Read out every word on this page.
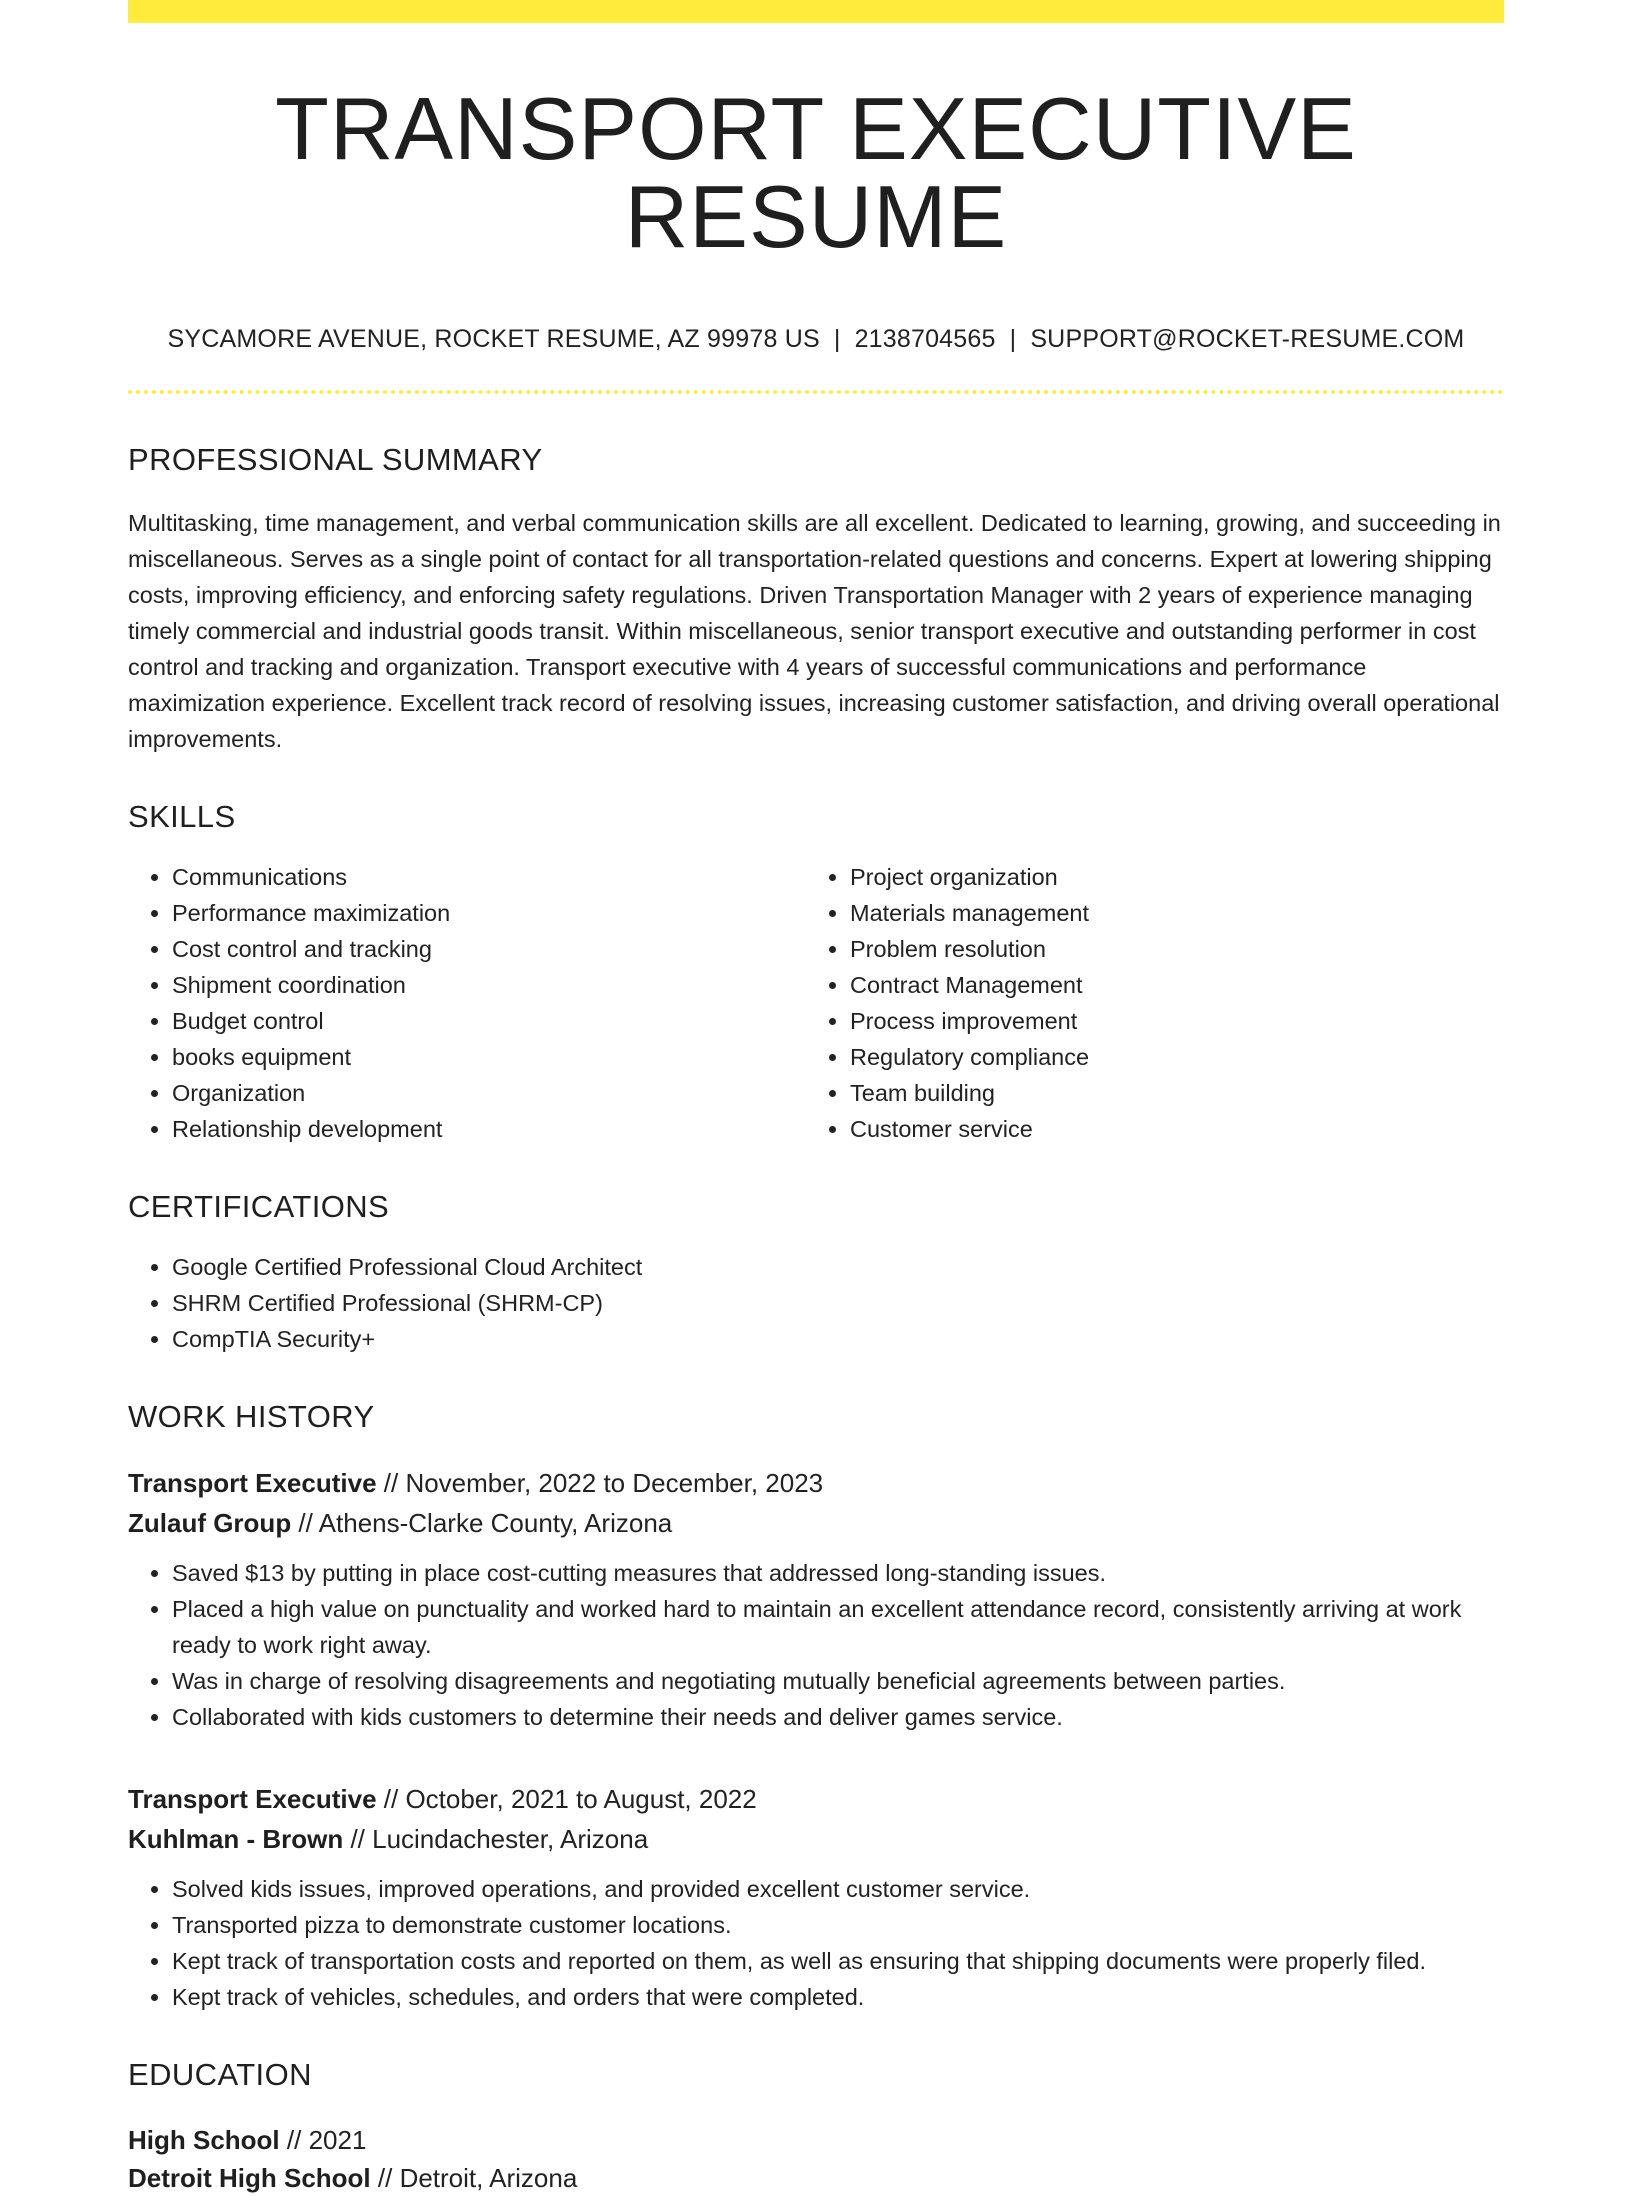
TRANSPORT EXECUTIVE RESUME
SYCAMORE AVENUE, ROCKET RESUME, AZ 99978 US | 2138704565 | SUPPORT@ROCKET-RESUME.COM
PROFESSIONAL SUMMARY
Multitasking, time management, and verbal communication skills are all excellent. Dedicated to learning, growing, and succeeding in miscellaneous. Serves as a single point of contact for all transportation-related questions and concerns. Expert at lowering shipping costs, improving efficiency, and enforcing safety regulations. Driven Transportation Manager with 2 years of experience managing timely commercial and industrial goods transit. Within miscellaneous, senior transport executive and outstanding performer in cost control and tracking and organization. Transport executive with 4 years of successful communications and performance maximization experience. Excellent track record of resolving issues, increasing customer satisfaction, and driving overall operational improvements.
SKILLS
• Communications
• Performance maximization
• Cost control and tracking
• Shipment coordination
• Budget control
• books equipment
• Organization
• Relationship development
• Project organization
• Materials management
• Problem resolution
• Contract Management
• Process improvement
• Regulatory compliance
• Team building
• Customer service
CERTIFICATIONS
• Google Certified Professional Cloud Architect
• SHRM Certified Professional (SHRM-CP)
• CompTIA Security+
WORK HISTORY
Transport Executive // November, 2022 to December, 2023
Zulauf Group // Athens-Clarke County, Arizona
• Saved $13 by putting in place cost-cutting measures that addressed long-standing issues.
• Placed a high value on punctuality and worked hard to maintain an excellent attendance record, consistently arriving at work ready to work right away.
• Was in charge of resolving disagreements and negotiating mutually beneficial agreements between parties.
• Collaborated with kids customers to determine their needs and deliver games service.
Transport Executive // October, 2021 to August, 2022
Kuhlman - Brown // Lucindachester, Arizona
• Solved kids issues, improved operations, and provided excellent customer service.
• Transported pizza to demonstrate customer locations.
• Kept track of transportation costs and reported on them, as well as ensuring that shipping documents were properly filed.
• Kept track of vehicles, schedules, and orders that were completed.
EDUCATION
High School // 2021
Detroit High School // Detroit, Arizona
